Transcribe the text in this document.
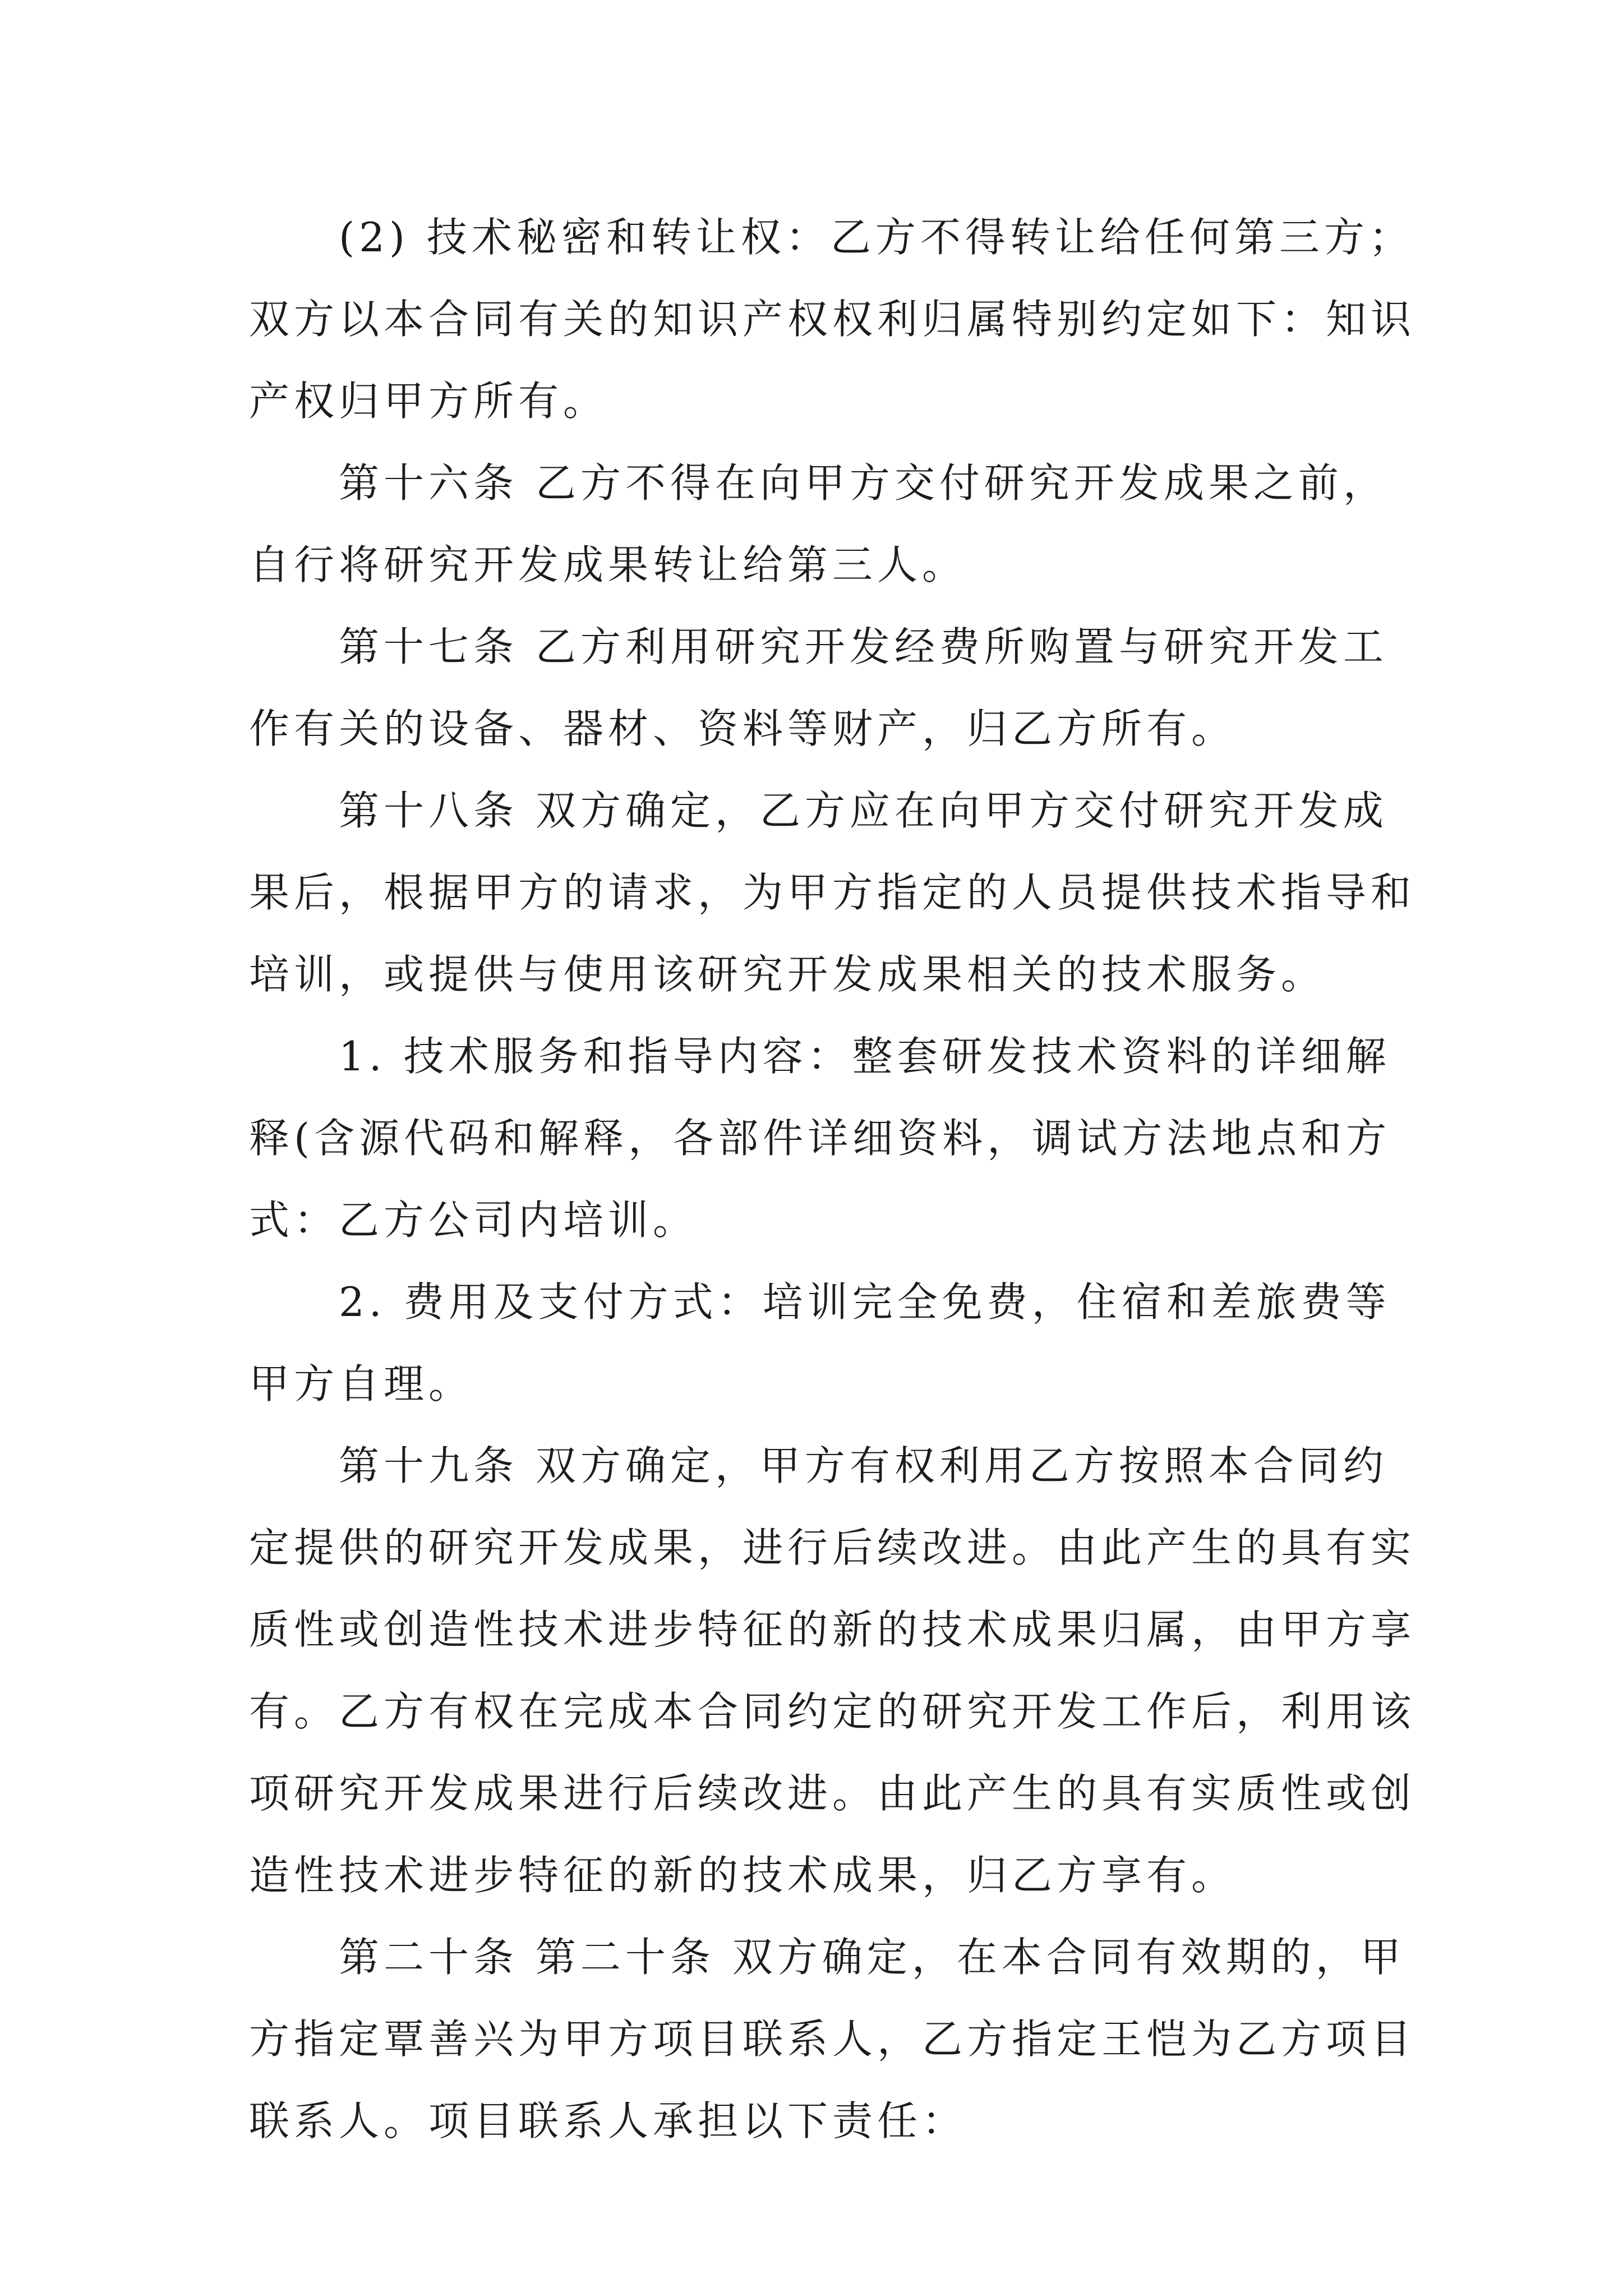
(2) 技术秘密和转让权：乙方不得转让给任何第三方；
双方以本合同有关的知识产权权利归属特别约定如下：知识
产权归甲方所有。

第十六条 乙方不得在向甲方交付研究开发成果之前，
自行将研究开发成果转让给第三人。

第十七条 乙方利用研究开发经费所购置与研究开发工
作有关的设备、器材、资料等财产，归乙方所有。

第十八条 双方确定，乙方应在向甲方交付研究开发成
果后，根据甲方的请求，为甲方指定的人员提供技术指导和
培训，或提供与使用该研究开发成果相关的技术服务。

1. 技术服务和指导内容：整套研发技术资料的详细解
释(含源代码和解释，各部件详细资料，调试方法地点和方
式：乙方公司内培训。

2. 费用及支付方式：培训完全免费，住宿和差旅费等
甲方自理。

第十九条 双方确定，甲方有权利用乙方按照本合同约
定提供的研究开发成果，进行后续改进。由此产生的具有实
质性或创造性技术进步特征的新的技术成果归属，由甲方享
有。乙方有权在完成本合同约定的研究开发工作后，利用该
项研究开发成果进行后续改进。由此产生的具有实质性或创
造性技术进步特征的新的技术成果，归乙方享有。

第二十条 第二十条 双方确定，在本合同有效期的，甲
方指定覃善兴为甲方项目联系人，乙方指定王恺为乙方项目
联系人。项目联系人承担以下责任：
